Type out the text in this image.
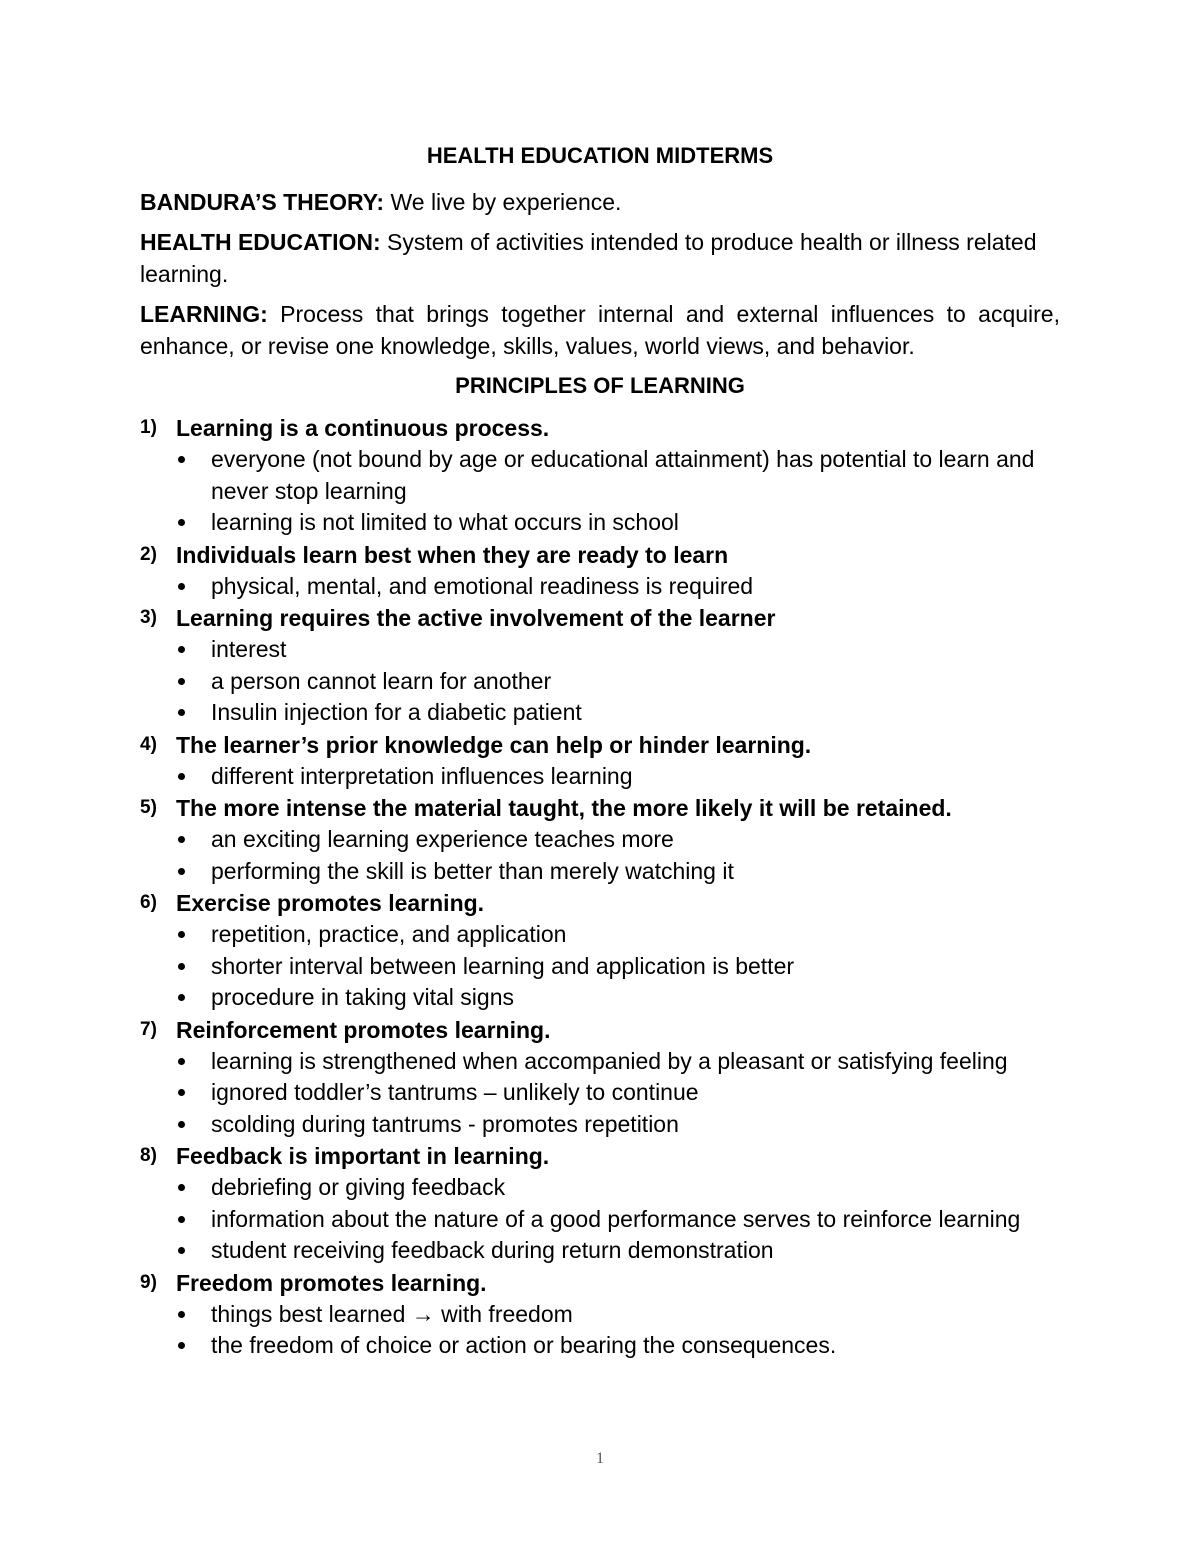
HEALTH EDUCATION MIDTERMS
BANDURA’S THEORY: We live by experience.
HEALTH EDUCATION: System of activities intended to produce health or illness related learning.
LEARNING: Process that brings together internal and external influences to acquire, enhance, or revise one knowledge, skills, values, world views, and behavior.
PRINCIPLES OF LEARNING
1) Learning is a continuous process.
everyone (not bound by age or educational attainment) has potential to learn and never stop learning
learning is not limited to what occurs in school
2) Individuals learn best when they are ready to learn
physical, mental, and emotional readiness is required
3) Learning requires the active involvement of the learner
interest
a person cannot learn for another
Insulin injection for a diabetic patient
4) The learner’s prior knowledge can help or hinder learning.
different interpretation influences learning
5) The more intense the material taught, the more likely it will be retained.
an exciting learning experience teaches more
performing the skill is better than merely watching it
6) Exercise promotes learning.
repetition, practice, and application
shorter interval between learning and application is better
procedure in taking vital signs
7) Reinforcement promotes learning.
learning is strengthened when accompanied by a pleasant or satisfying feeling
ignored toddler’s tantrums – unlikely to continue
scolding during tantrums - promotes repetition
8) Feedback is important in learning.
debriefing or giving feedback
information about the nature of a good performance serves to reinforce learning
student receiving feedback during return demonstration
9) Freedom promotes learning.
things best learned → with freedom
the freedom of choice or action or bearing the consequences.
1
